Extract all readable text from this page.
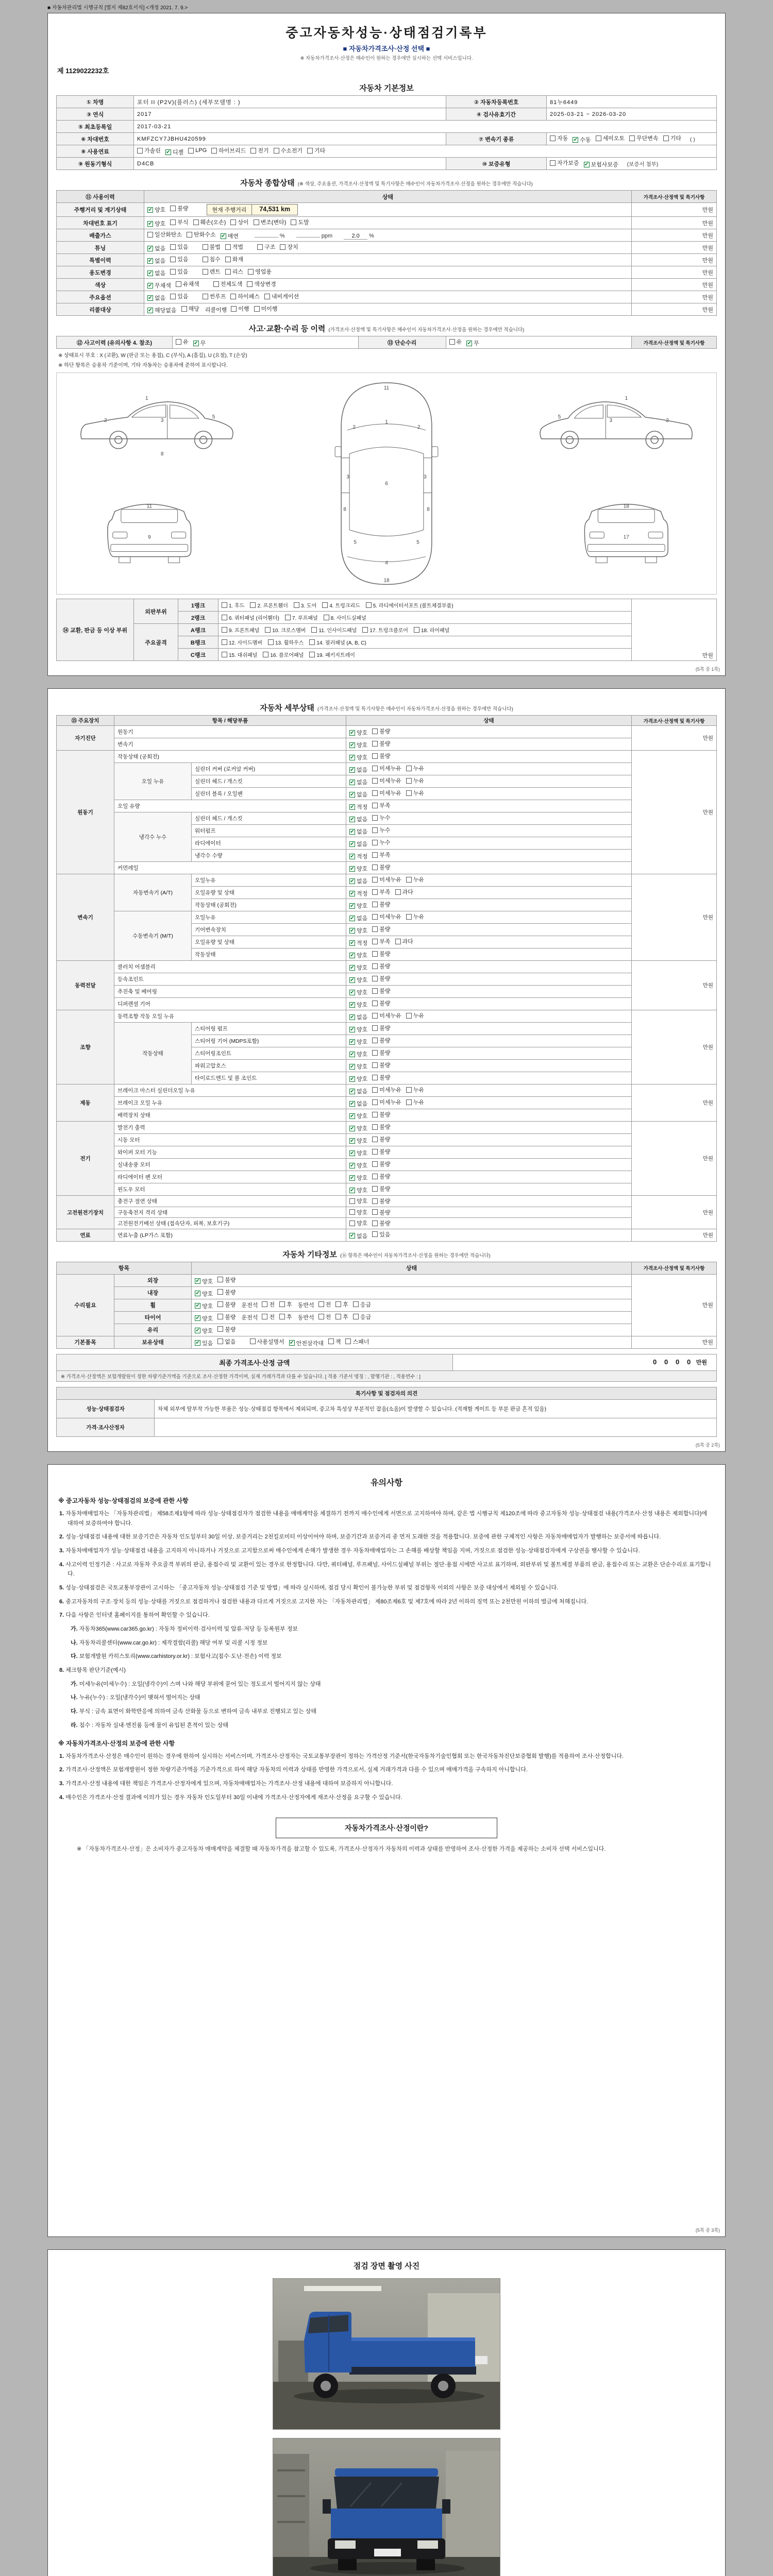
■ 자동차관리법 시행규칙 [별지 제82호서식] <개정 2021. 7. 9.>
중고자동차성능·상태점검기록부
■ 자동차가격조사·산정 선택 ■
※ 자동차가격조사·산정은 매수인이 원하는 경우에만 실시하는 선택 서비스입니다.
제 1129022232호
자동차 기본정보
① 차명	포터 II (P2V)(플러스) (세부모델명 : )	② 자동차등록번호	81누6449
③ 연식	2017	④ 검사유효기간	2025-03-21 ~ 2026-03-20
⑤ 최초등록일	2017-03-21		
⑥ 차대번호	KMFZCY7JBHU420599	⑦ 변속기 종류	자동 ✔ 수동 세미오토 무단변속 기타 ( )
⑧ 사용연료	가솔린 ✔ 디젤 LPG 하이브리드 전기 수소전기 기타

⑨ 원동기형식	D4CB	⑩ 보증유형	자가보증 ✔ 보험사보증 (보증서 첨부)
자동차 종합상태 (※ 색상, 주요옵션, 가격조사·산정액 및 특기사항은 매수인이 자동차가격조사·산정을 원하는 경우에만 적습니다)
⑪ 사용이력	상태	가격조사·산정액 및 특기사항
주행거리 및 계기상태	✔ 양호 불량 현재 주행거리 74,531 km	만원
차대번호 표기	✔ 양호 부식 훼손(오손) 상이 변조(변타) 도말	만원
배출가스	일산화탄소 탄화수소 ✔ 매연 % ppm 2.0 %	만원
튜닝	✔ 없음 있음	불법 적법	구조 장치	만원
특별이력	✔ 없음 있음 침수 화재	만원
용도변경	✔ 없음 있음	렌트 리스 영업용	만원
색상	✔ 무채색 유채색 전체도색 색상변경	만원
주요옵션	✔ 없음 있음	썬루프 하이패스 내비게이션	만원
리콜대상	✔ 해당없음 해당 리콜이행 이행 미이행	만원
사고·교환·수리 등 이력 (가격조사·산정액 및 특기사항은 매수인이 자동차가격조사·산정을 원하는 경우에만 적습니다)
⑫ 사고이력 (유의사항 4. 참조)	유 ✔ 무	⑬ 단순수리	유 ✔ 무	가격조사·산정액 및 특기사항
※ 상태표시 부호 : X (교환), W (판금 또는 용접), C (부식), A (흠집), U (요철), T (손상)
※ 하단 항목은 승용차 기준이며, 기타 자동차는 승용차에 준하여 표시합니다.
1
2	3
5
8
1
2
3
5
11
1
2	2
3	3
6
8	8
5	5
4
18
11
9
18
17
⑭ 교환, 판금 등 이상 부위	외판부위	1랭크	1. 후드 2. 프론트휀더 3. 도어 4. 트렁크리드 5. 라디에이터서포트 (볼트체결부품)	만원
		2랭크	6. 쿼터패널 (리어휀더) 7. 루프패널 8. 사이드실패널	

	주요골격	A랭크	9. 프론트패널 10. 크로스멤버 11. 인사이드패널 17. 트렁크플로어 18. 리어패널	

		B랭크	12. 사이드멤버 13. 휠하우스 14. 필러패널 (A, B, C)	

		C랭크	15. 대쉬패널 16. 플로어패널 19. 패키지트레이	
(5쪽 중 1쪽)
자동차 세부상태 (가격조사·산정액 및 특기사항은 매수인이 자동차가격조사·산정을 원하는 경우에만 적습니다)
⑮ 주요장치	항목 / 해당부품		상태	가격조사·산정액 및 특기사항
자기진단	원동기		✔ 양호 불량	만원
	변속기		✔ 양호 불량	

원동기	작동상태 (공회전)		✔ 양호 불량	만원
	오일 누유	실린더 커버 (로커암 커버)	✔ 없음 미세누유 누유	

		실린더 헤드 / 개스킷	✔ 없음 미세누유 누유	

		실린더 블록 / 오일팬	✔ 없음 미세누유 누유	

	오일 유량		✔ 적정 부족	

	냉각수 누수	실린더 헤드 / 개스킷	✔ 없음 누수	

		워터펌프	✔ 없음 누수	

		라디에이터	✔ 없음 누수	

		냉각수 수량	✔ 적정 부족	

	커먼레일		✔ 양호 불량	

변속기	자동변속기 (A/T)	오일누유	✔ 없음 미세누유 누유	만원
		오일유량 및 상태	✔ 적정 부족 과다	

		작동상태 (공회전)	✔ 양호 불량	

	수동변속기 (M/T)	오일누유	✔ 없음 미세누유 누유	

		기어변속장치	✔ 양호 불량	

		오일유량 및 상태	✔ 적정 부족 과다	

		작동상태	✔ 양호 불량	

동력전달	클러치 어셈블리		✔ 양호 불량	만원
	등속조인트		✔ 양호 불량	

	추진축 및 베어링		✔ 양호 불량	

	디퍼렌셜 기어		✔ 양호 불량	

조향	동력조향 작동 오일 누유		✔ 없음 미세누유 누유	만원
	작동상태	스티어링 펌프	✔ 양호 불량	

		스티어링 기어 (MDPS포함)	✔ 양호 불량	

		스티어링조인트	✔ 양호 불량	

		파워고압호스	✔ 양호 불량	

		타이로드엔드 및 볼 조인트	✔ 양호 불량	

제동	브레이크 마스터 실린더오일 누유		✔ 없음 미세누유 누유	만원
	브레이크 오일 누유		✔ 없음 미세누유 누유	

	배력장치 상태		✔ 양호 불량	

전기	발전기 출력		✔ 양호 불량	만원
	시동 모터		✔ 양호 불량	

	와이퍼 모터 기능		✔ 양호 불량	

	실내송풍 모터		✔ 양호 불량	

	라디에이터 팬 모터		✔ 양호 불량	

	윈도우 모터		✔ 양호 불량	

고전원전기장치	충전구 절연 상태		양호 불량	만원
	구동축전지 격리 상태		양호 불량	

	고전원전기배선 상태 (접속단자, 피복, 보호기구)		양호 불량	

연료	연료누출 (LP가스 포함)		✔ 없음 있음	만원
자동차 기타정보 (⑯ 항목은 매수인이 자동차가격조사·산정을 원하는 경우에만 적습니다)
항목		상태	가격조사·산정액 및 특기사항
수리필요	외장	✔ 양호 불량	만원
	내장	✔ 양호 불량	

휠	✔ 양호 불량 운전석 전 후 동반석 전 후 응급

타이어	✔ 양호 불량 운전석 전 후 동반석 전 후 응급

	유리	✔ 양호 불량	

기본품목	보유상태	✔ 있음 없음	사용설명서 ✔ 안전삼각대 잭 스패너	만원
최종 가격조사·산정 금액	0 0 0 0 만원
※ 가격조사·산정액은 보험개발원이 정한 차량기준가액을 기준으로 조사·산정한 가격이며, 실제 거래가격과 다를 수 있습니다. [ 적용 기준서 명칭 : , 발행기관 : , 적용면수 : ]
특기사항 및 점검자의 의견	
성능·상태점검자	차체 외부에 탈부착 가능한 부품은 성능·상태점검 항목에서 제외되며, 중고차 특성상 부분적인 잡음(소음)이 발생할 수 있습니다. (적재함 게이트 등 부분 판금 흔적 있음)
가격·조사산정자	
(5쪽 중 2쪽)
유의사항
※ 중고자동차 성능·상태점검의 보증에 관한 사항
1. 자동차매매업자는 「자동차관리법」 제58조제1항에 따라 성능·상태점검자가 점검한 내용을 매매계약을 체결하기 전까지 매수인에게 서면으로 고지하여야 하며, 같은 법 시행규칙 제120조에 따라 중고자동차 성능·상태점검 내용(가격조사·산정 내용은 제외합니다)에 대하여 보증하여야 합니다.
2. 성능·상태점검 내용에 대한 보증기간은 자동차 인도일부터 30일 이상, 보증거리는 2천킬로미터 이상이어야 하며, 보증기간과 보증거리 중 먼저 도래한 것을 적용합니다. 보증에 관한 구체적인 사항은 자동차매매업자가 발행하는 보증서에 따릅니다.
3. 자동차매매업자가 성능·상태점검 내용을 고지하지 아니하거나 거짓으로 고지함으로써 매수인에게 손해가 발생한 경우 자동차매매업자는 그 손해를 배상할 책임을 지며, 거짓으로 점검한 성능·상태점검자에게 구상권을 행사할 수 있습니다.
4. 사고이력 인정기준 : 사고로 자동차 주요골격 부위의 판금, 용접수리 및 교환이 있는 경우로 한정합니다. 다만, 쿼터패널, 루프패널, 사이드실패널 부위는 절단·용접 시에만 사고로 표기하며, 외판부위 및 볼트체결 부품의 판금, 용접수리 또는 교환은 단순수리로 표기합니다.
5. 성능·상태점검은 국토교통부장관이 고시하는 「중고자동차 성능·상태점검 기준 및 방법」에 따라 실시하며, 점검 당시 확인이 불가능한 부위 및 점검항목 이외의 사항은 보증 대상에서 제외될 수 있습니다.
6. 중고자동차의 구조·장치 등의 성능·상태를 거짓으로 점검하거나 점검한 내용과 다르게 거짓으로 고지한 자는 「자동차관리법」 제80조제6호 및 제7호에 따라 2년 이하의 징역 또는 2천만원 이하의 벌금에 처해집니다.
7. 다음 사항은 인터넷 홈페이지를 통하여 확인할 수 있습니다.
가. 자동차365(www.car365.go.kr) : 자동차 정비이력·검사이력 및 압류·저당 등 등록원부 정보
나. 자동차리콜센터(www.car.go.kr) : 제작결함(리콜) 해당 여부 및 리콜 시정 정보
다. 보험개발원 카히스토리(www.carhistory.or.kr) : 보험사고(침수·도난·전손) 이력 정보
8. 체크항목 판단기준(예시)
가. 미세누유(미세누수) : 오일(냉각수)이 스며 나와 해당 부위에 묻어 있는 정도로서 떨어지지 않는 상태
나. 누유(누수) : 오일(냉각수)이 맺혀서 떨어지는 상태
다. 부식 : 금속 표면이 화학반응에 의하여 금속 산화물 등으로 변하여 금속 내부로 진행되고 있는 상태
라. 침수 : 자동차 실내·엔진룸 등에 물이 유입된 흔적이 있는 상태
※ 자동차가격조사·산정의 보증에 관한 사항
1. 자동차가격조사·산정은 매수인이 원하는 경우에 한하여 실시하는 서비스이며, 가격조사·산정자는 국토교통부장관이 정하는 가격산정 기준서(한국자동차기술인협회 또는 한국자동차진단보증협회 발행)를 적용하여 조사·산정합니다.
2. 가격조사·산정액은 보험개발원이 정한 차량기준가액을 기준가격으로 하여 해당 자동차의 이력과 상태를 반영한 가격으로서, 실제 거래가격과 다를 수 있으며 매매가격을 구속하지 아니합니다.
3. 가격조사·산정 내용에 대한 책임은 가격조사·산정자에게 있으며, 자동차매매업자는 가격조사·산정 내용에 대하여 보증하지 아니합니다.
4. 매수인은 가격조사·산정 결과에 이의가 있는 경우 자동차 인도일부터 30일 이내에 가격조사·산정자에게 재조사·산정을 요구할 수 있습니다.
자동차가격조사·산정이란?
※ 「자동차가격조사·산정」은 소비자가 중고자동차 매매계약을 체결할 때 자동차가격을 참고할 수 있도록, 가격조사·산정자가 자동차의 이력과 상태를 반영하여 조사·산정한 가격을 제공하는 소비자 선택 서비스입니다.
(5쪽 중 3쪽)
점검 장면 촬영 사진
